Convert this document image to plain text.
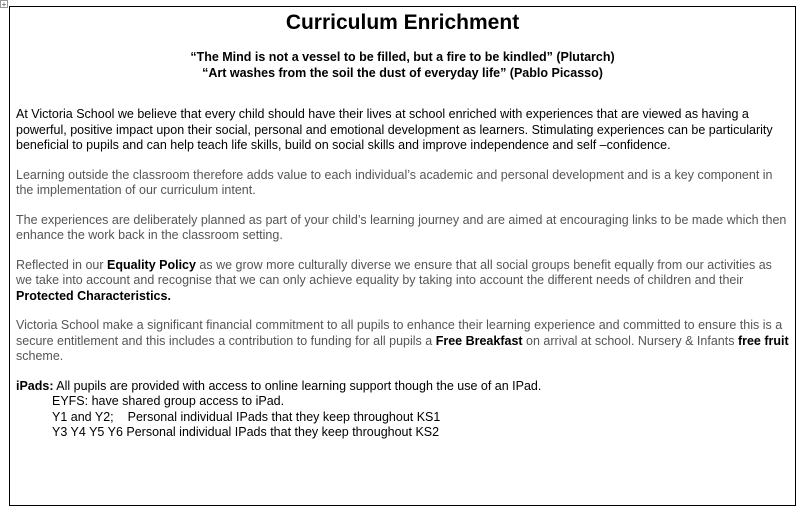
+
Curriculum Enrichment
“The Mind is not a vessel to be filled, but a fire to be kindled” (Plutarch)
“Art washes from the soil the dust of everyday life” (Pablo Picasso)

At Victoria School we believe that every child should have their lives at school enriched with experiences that are viewed as having a powerful, positive impact upon their social, personal and emotional development as learners. Stimulating experiences can be particularity beneficial to pupils and can help teach life skills, build on social skills and improve independence and self –confidence.

Learning outside the classroom therefore adds value to each individual’s academic and personal development and is a key component in the implementation of our curriculum intent.

The experiences are deliberately planned as part of your child’s learning journey and are aimed at encouraging links to be made which then enhance the work back in the classroom setting.

Reflected in our Equality Policy as we grow more culturally diverse we ensure that all social groups benefit equally from our activities as we take into account and recognise that we can only achieve equality by taking into account the different needs of children and their Protected Characteristics.

Victoria School make a significant financial commitment to all pupils to enhance their learning experience and committed to ensure this is a secure entitlement and this includes a contribution to funding for all pupils a Free Breakfast on arrival at school. Nursery & Infants free fruit scheme.

iPads: All pupils are provided with access to online learning support though the use of an IPad.
EYFS: have shared group access to iPad.
Y1 and Y2; Personal individual IPads that they keep throughout KS1
Y3 Y4 Y5 Y6 Personal individual IPads that they keep throughout KS2
